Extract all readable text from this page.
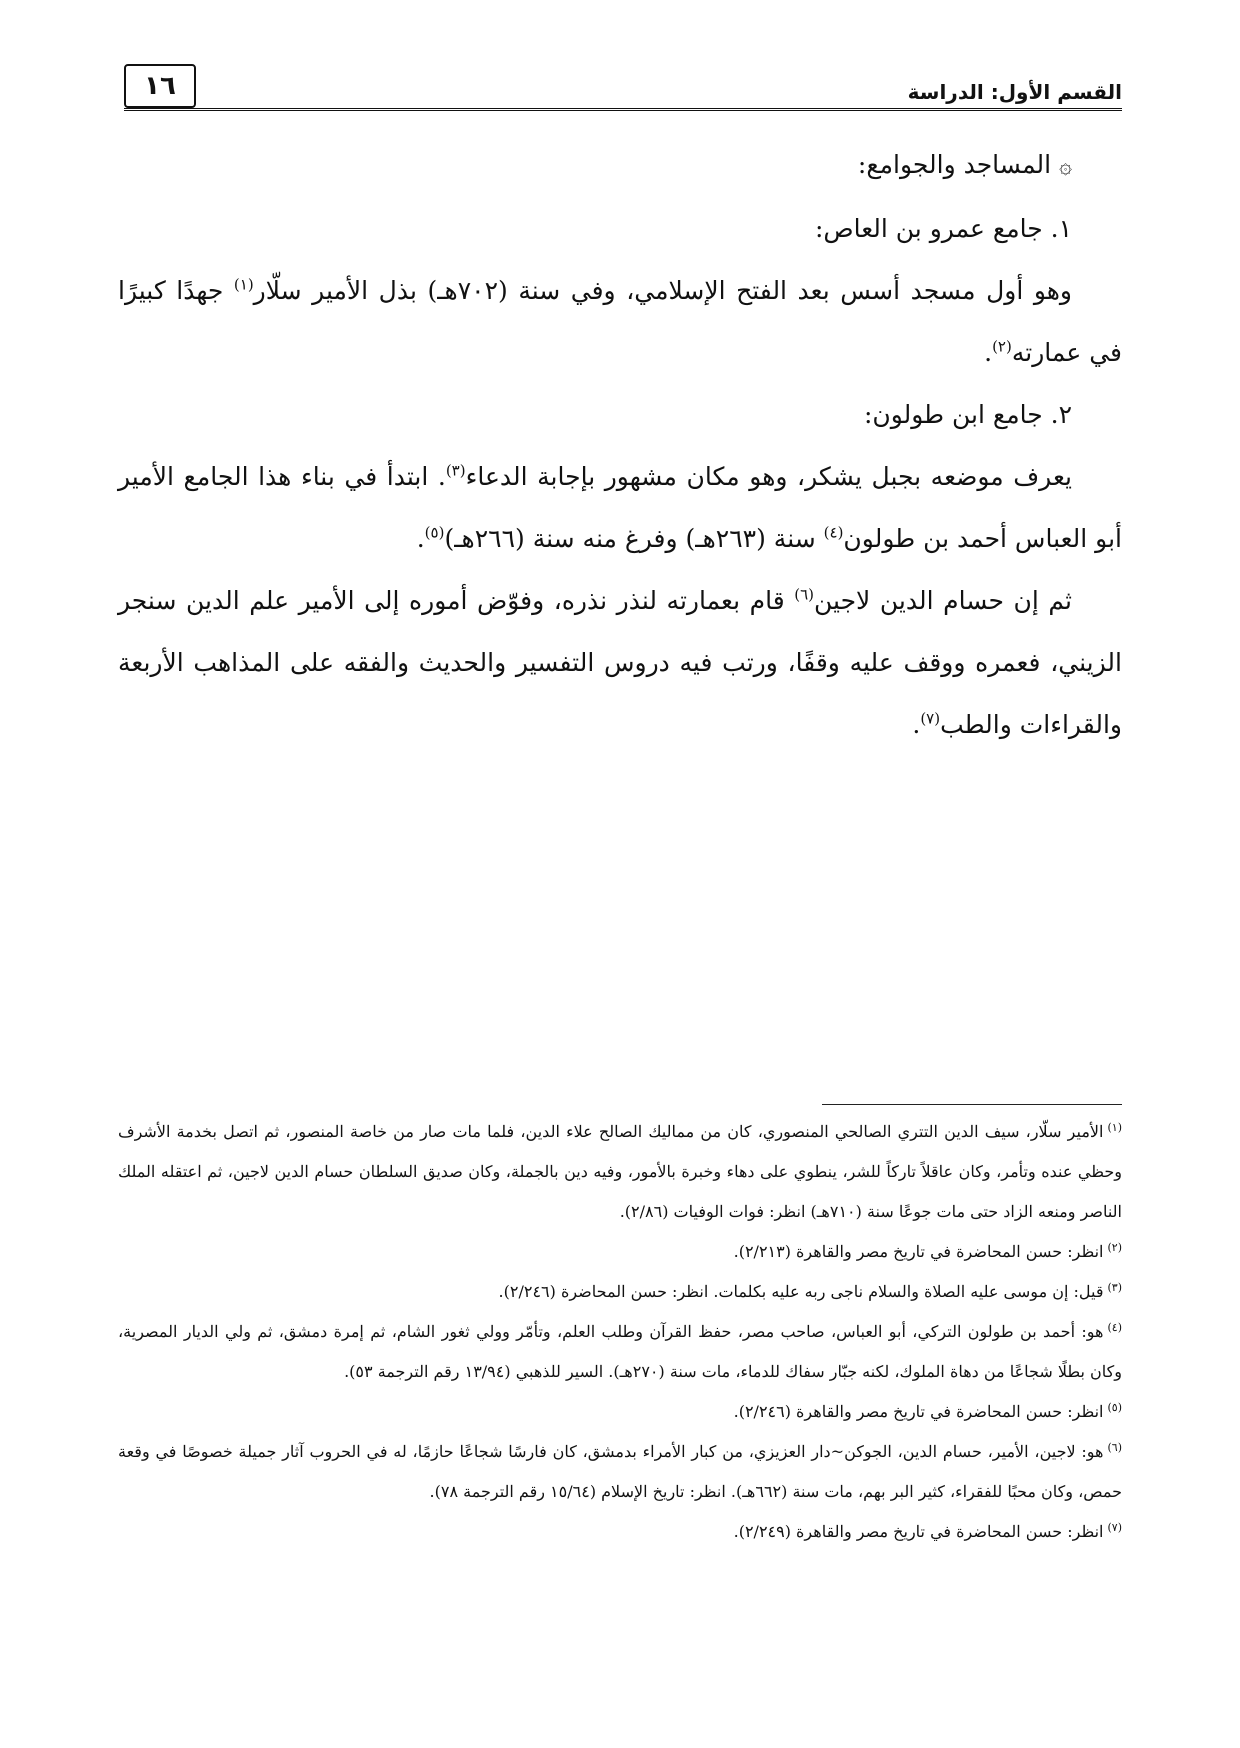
القسم الأول: الدراسة
١٦

۞المساجد والجوامع:

١. جامع عمرو بن العاص:

وهو أول مسجد أسس بعد الفتح الإسلامي، وفي سنة (٧٠٢هـ) بذل الأمير سلّار$^{(١)}$ جهدًا كبيرًا في عمارته$^{(٢)}$.

٢. جامع ابن طولون:

يعرف موضعه بجبل يشكر، وهو مكان مشهور بإجابة الدعاء$^{(٣)}$. ابتدأ في بناء هذا الجامع الأمير أبو العباس أحمد بن طولون$^{(٤)}$ سنة (٢٦٣هـ) وفرغ منه سنة (٢٦٦هـ)$^{(٥)}$.

ثم إن حسام الدين لاجين$^{(٦)}$ قام بعمارته لنذر نذره، وفوّض أموره إلى الأمير علم الدين سنجر الزيني، فعمره ووقف عليه وقفًا، ورتب فيه دروس التفسير والحديث والفقه على المذاهب الأربعة والقراءات والطب$^{(٧)}$.

$^{(١)}$الأمير سلّار، سيف الدين التتري الصالحي المنصوري، كان من مماليك الصالح علاء الدين، فلما مات صار من خاصة المنصور، ثم اتصل بخدمة الأشرف وحظي عنده وتأمر، وكان عاقلاً تاركاً للشر، ينطوي على دهاء وخبرة بالأمور، وفيه دين بالجملة، وكان صديق السلطان حسام الدين لاجين، ثم اعتقله الملك الناصر ومنعه الزاد حتى مات جوعًا سنة (٧١٠هـ) انظر: فوات الوفيات (٢/٨٦).

$^{(٢)}$انظر: حسن المحاضرة في تاريخ مصر والقاهرة (٢/٢١٣).

$^{(٣)}$قيل: إن موسى عليه الصلاة والسلام ناجى ربه عليه بكلمات. انظر: حسن المحاضرة (٢/٢٤٦).

$^{(٤)}$هو: أحمد بن طولون التركي، أبو العباس، صاحب مصر، حفظ القرآن وطلب العلم، وتأمّر وولي ثغور الشام، ثم إمرة دمشق، ثم ولي الديار المصرية، وكان بطلًا شجاعًا من دهاة الملوك، لكنه جبّار سفاك للدماء، مات سنة (٢٧٠هـ). السير للذهبي (١٣/٩٤ رقم الترجمة ٥٣).

$^{(٥)}$انظر: حسن المحاضرة في تاريخ مصر والقاهرة (٢/٢٤٦).

$^{(٦)}$هو: لاجين، الأمير، حسام الدين، الجوكن~دار العزيزي، من كبار الأمراء بدمشق، كان فارسًا شجاعًا حازمًا، له في الحروب آثار جميلة خصوصًا في وقعة حمص، وكان محبًا للفقراء، كثير البر بهم، مات سنة (٦٦٢هـ). انظر: تاريخ الإسلام (١٥/٦٤ رقم الترجمة ٧٨).

$^{(٧)}$انظر: حسن المحاضرة في تاريخ مصر والقاهرة (٢/٢٤٩).
